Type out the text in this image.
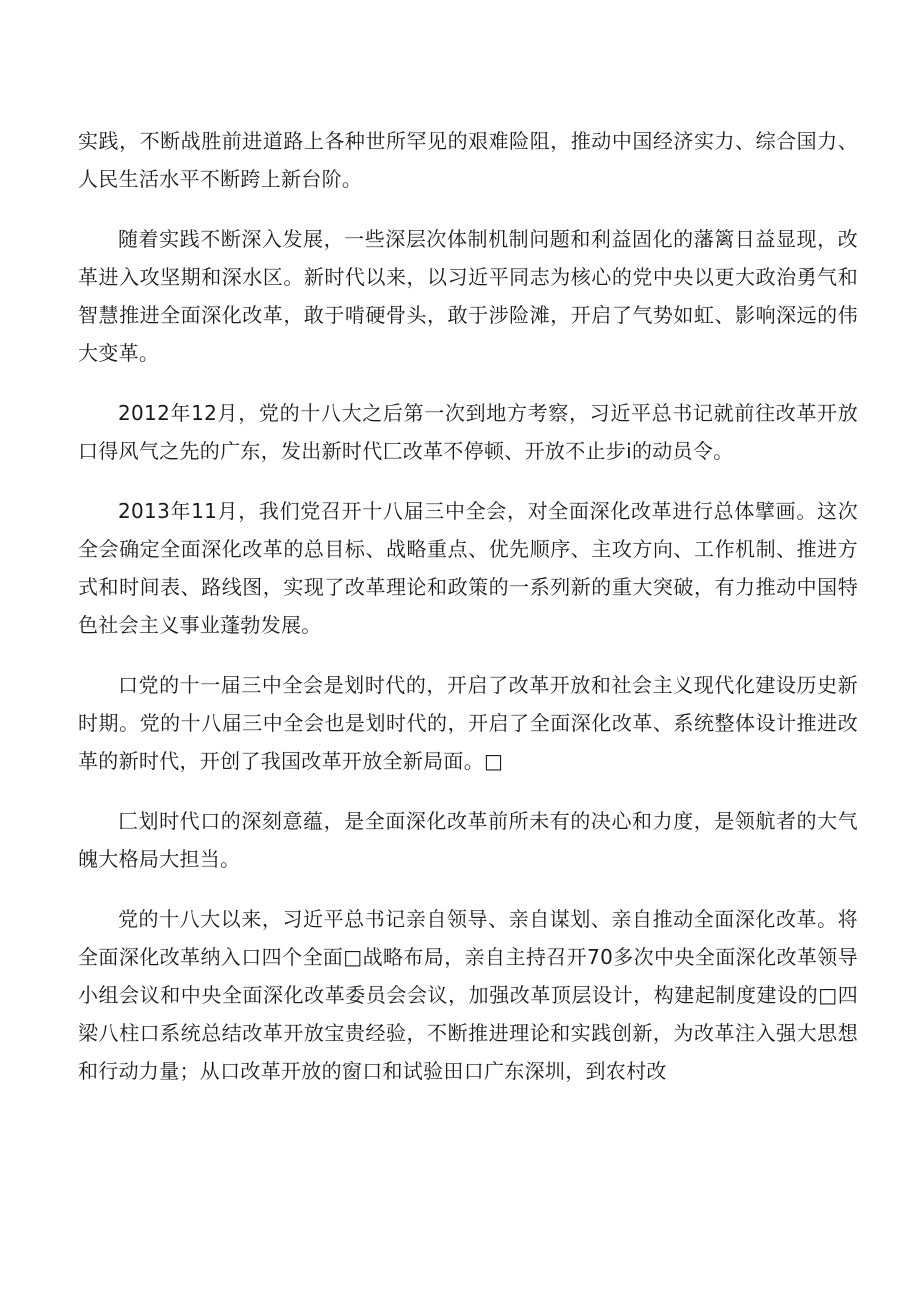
实践，不断战胜前进道路上各种世所罕见的艰难险阻，推动中国经济实力、综合国力、人民生活水平不断跨上新台阶。

随着实践不断深入发展，一些深层次体制机制问题和利益固化的藩篱日益显现，改革进入攻坚期和深水区。新时代以来，以习近平同志为核心的党中央以更大政治勇气和智慧推进全面深化改革，敢于啃硬骨头，敢于涉险滩，开启了气势如虹、影响深远的伟大变革。

2012年12月，党的十八大之后第一次到地方考察，习近平总书记就前往改革开放口得风气之先的广东，发出新时代匚改革不停顿、开放不止步i的动员令。

2013年11月，我们党召开十八届三中全会，对全面深化改革进行总体擘画。这次全会确定全面深化改革的总目标、战略重点、优先顺序、主攻方向、工作机制、推进方式和时间表、路线图，实现了改革理论和政策的一系列新的重大突破，有力推动中国特色社会主义事业蓬勃发展。

口党的十一届三中全会是划时代的，开启了改革开放和社会主义现代化建设历史新时期。党的十八届三中全会也是划时代的，开启了全面深化改革、系统整体设计推进改革的新时代，开创了我国改革开放全新局面。□

匚划时代口的深刻意蕴，是全面深化改革前所未有的决心和力度，是领航者的大气魄大格局大担当。

党的十八大以来，习近平总书记亲自领导、亲自谋划、亲自推动全面深化改革。将全面深化改革纳入口四个全面□战略布局，亲自主持召开70多次中央全面深化改革领导小组会议和中央全面深化改革委员会会议，加强改革顶层设计，构建起制度建设的□四梁八柱口系统总结改革开放宝贵经验，不断推进理论和实践创新，为改革注入强大思想和行动力量；从口改革开放的窗口和试验田口广东深圳，到农村改
